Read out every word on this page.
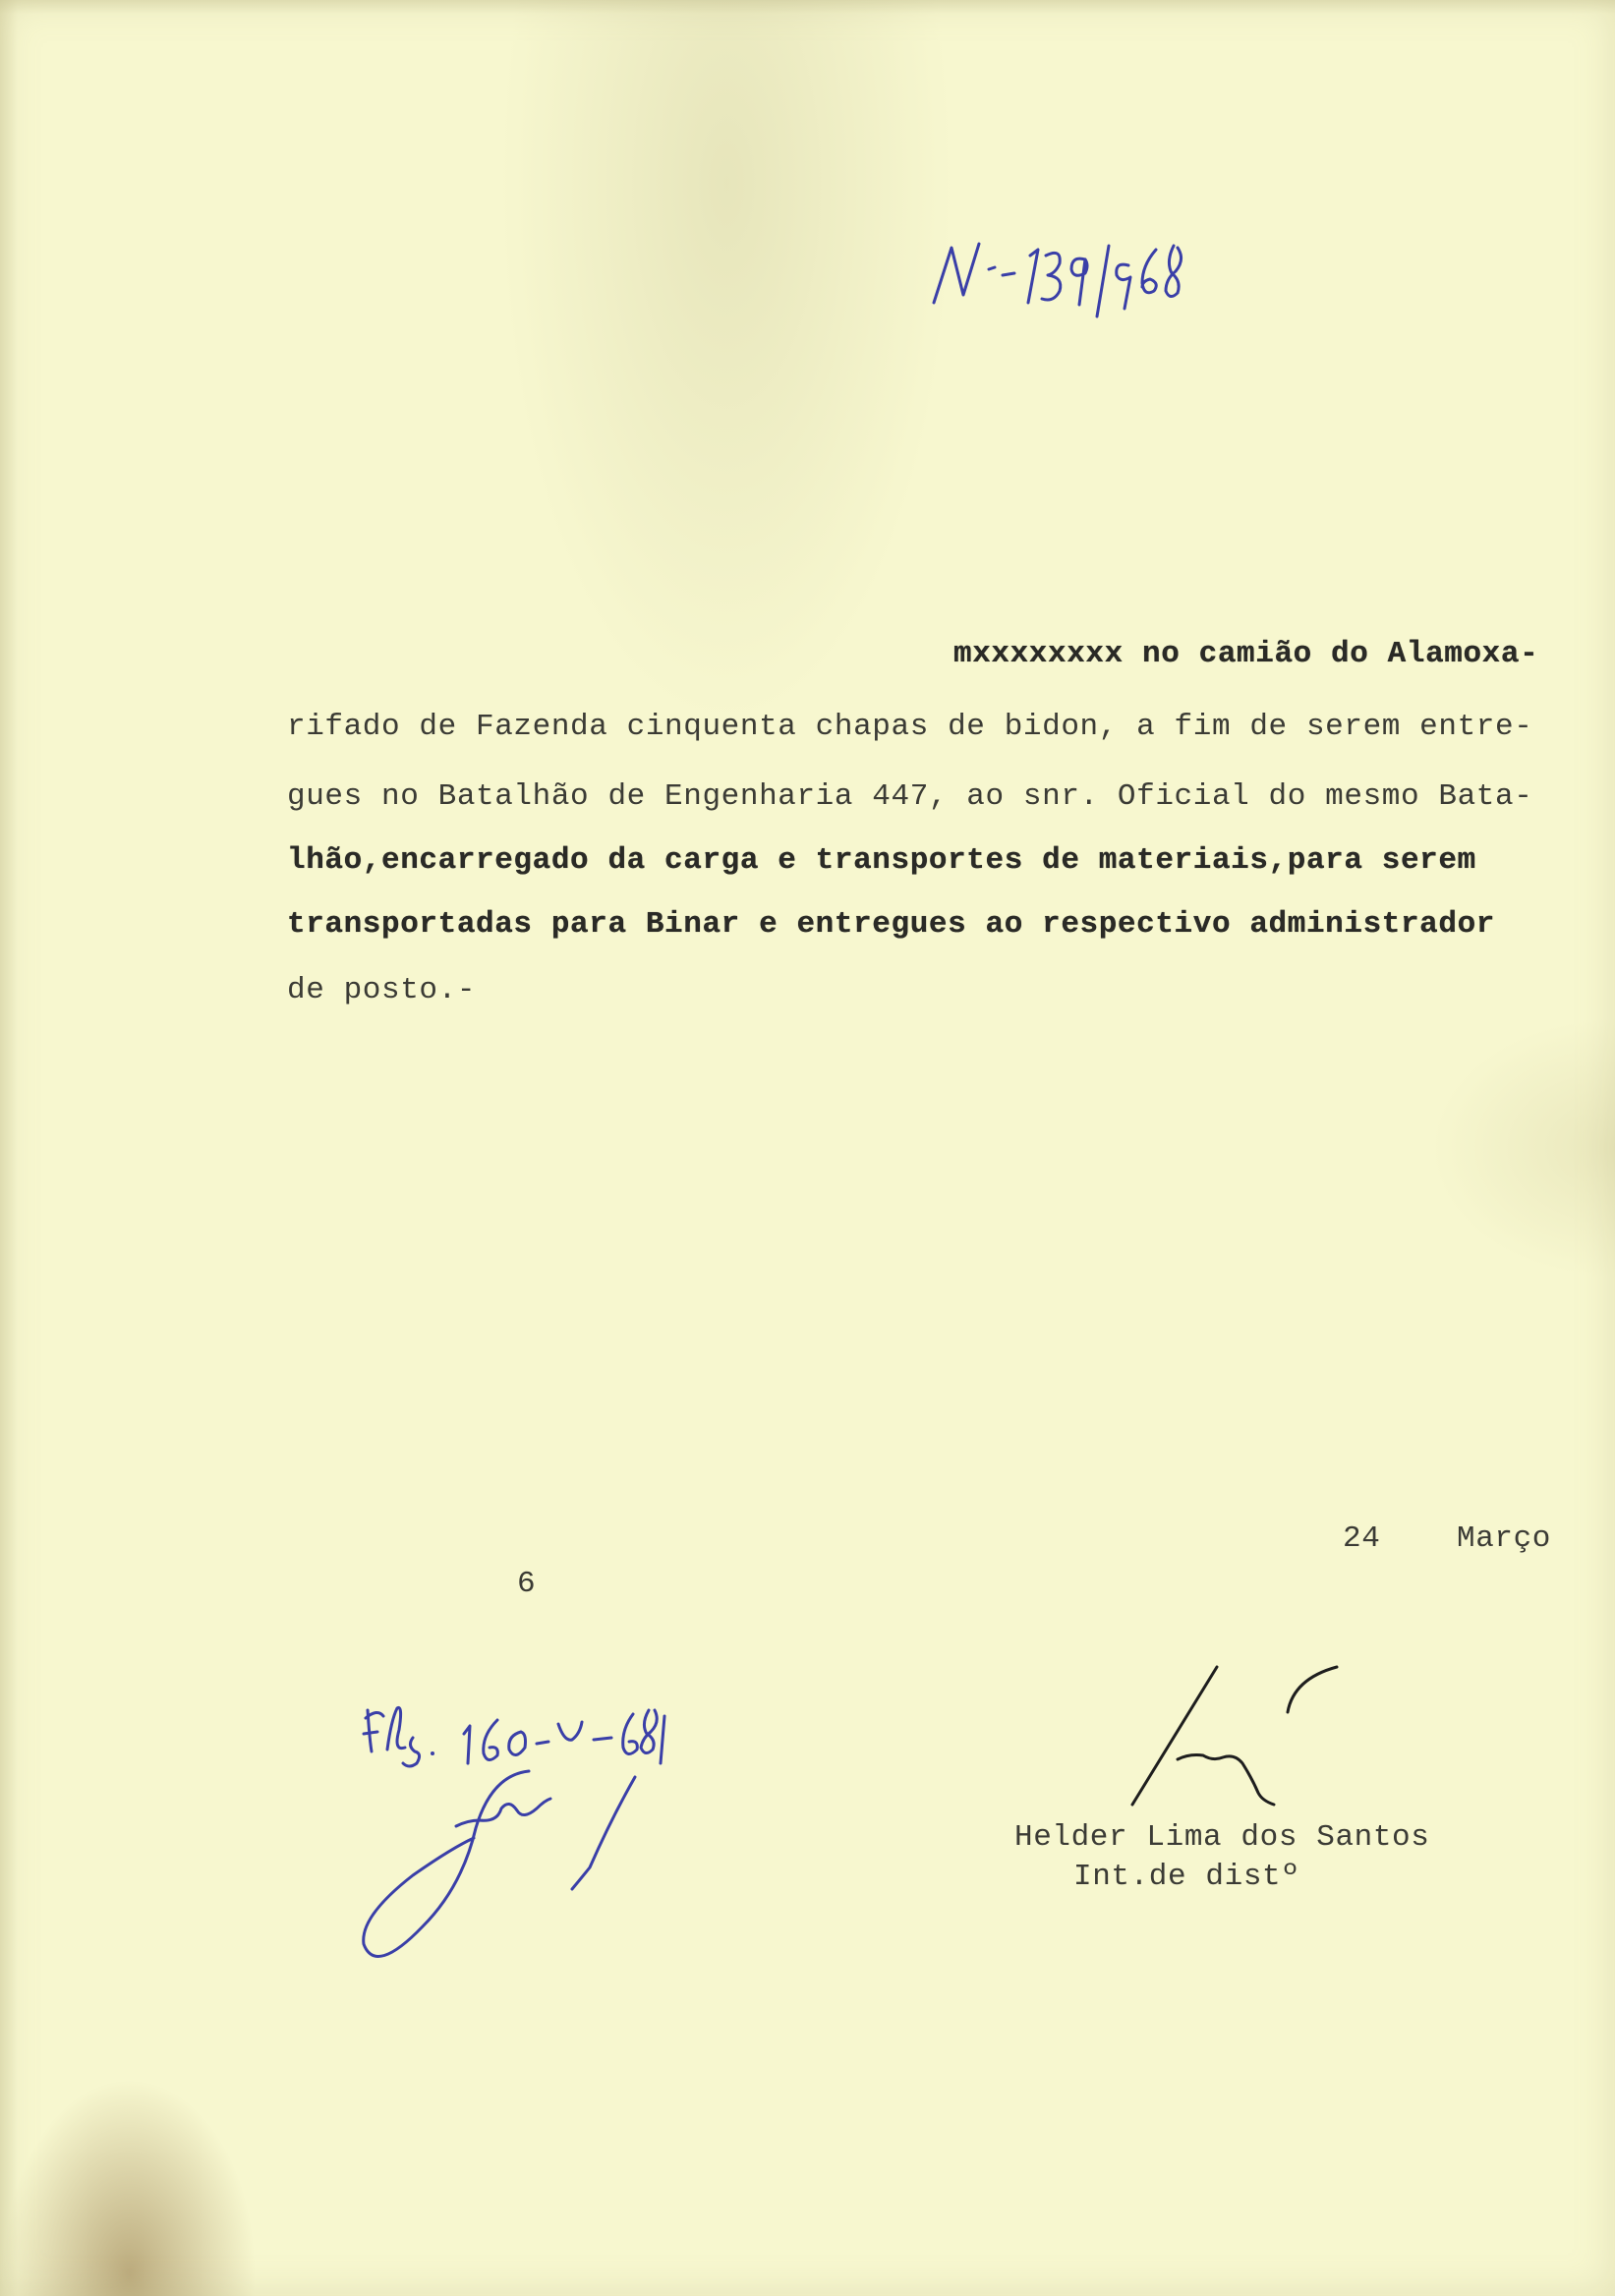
mxxxxxxxx no camião do Alamoxa-
rifado de Fazenda cinquenta chapas de bidon, a fim de serem entre-
gues no Batalhão de Engenharia 447, ao snr. Oficial do mesmo Bata-
lhão,encarregado da carga e transportes de materiais,para serem
transportadas para Binar e entregues ao respectivo administrador
de posto.-
24	Março
6
Helder Lima dos Santos
Int.de distº
